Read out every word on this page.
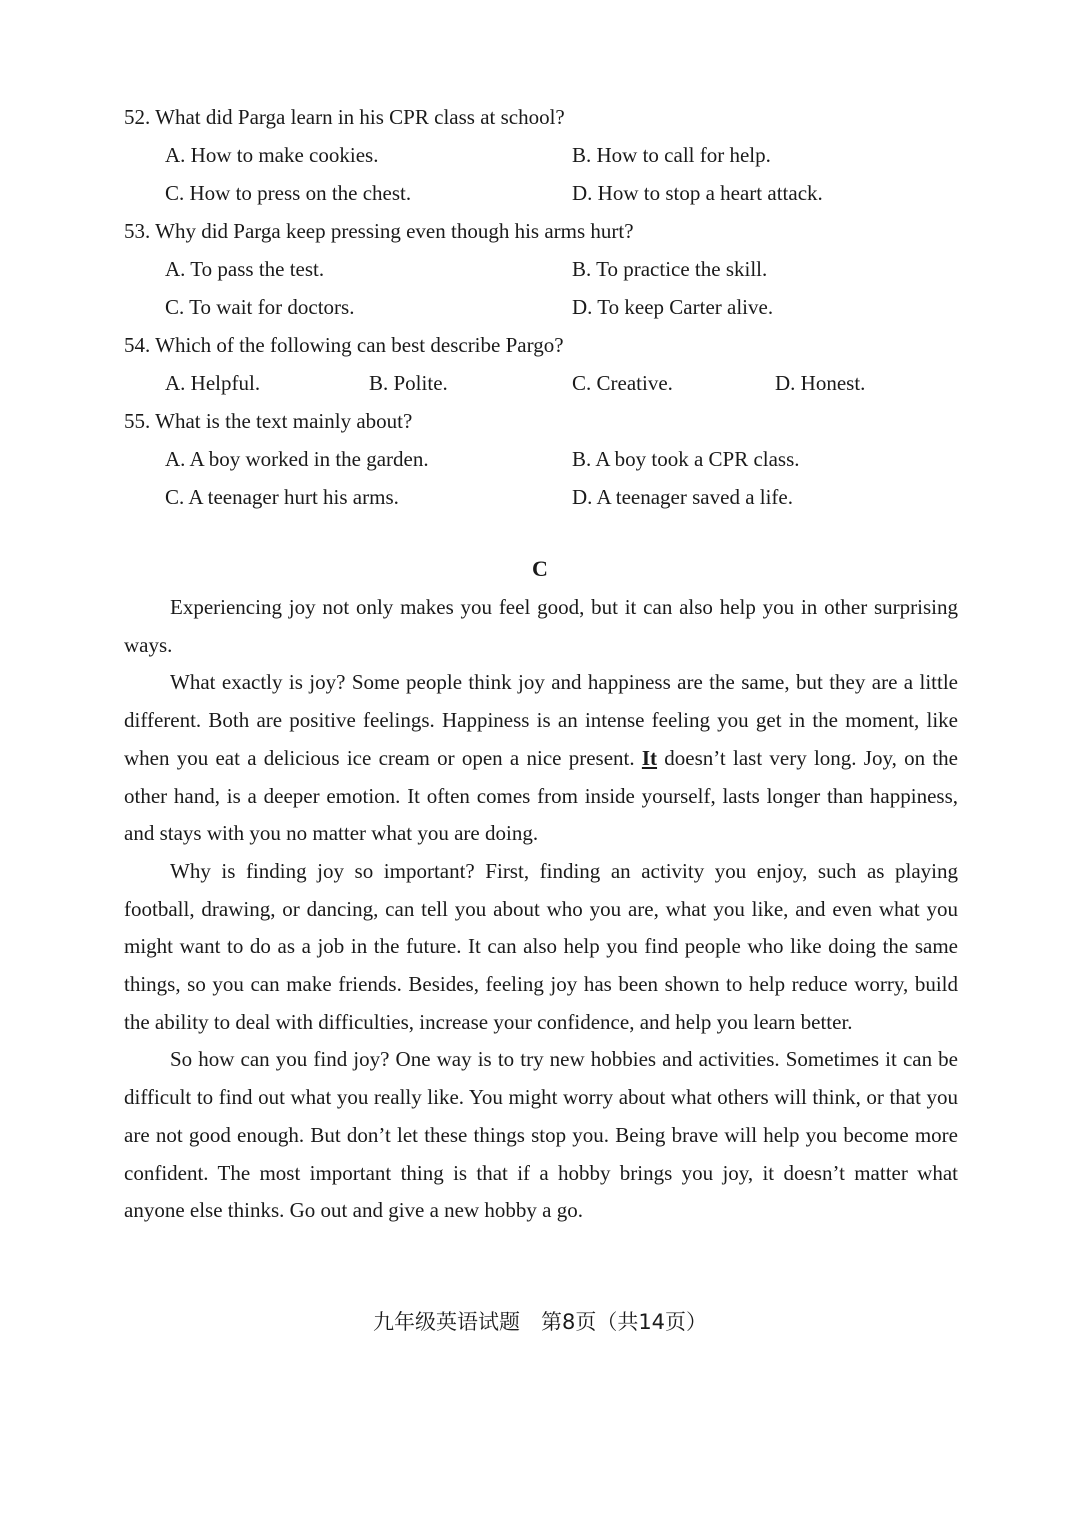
52. What did Parga learn in his CPR class at school?
A. How to make cookies.	B. How to call for help.
C. How to press on the chest.	D. How to stop a heart attack.
53. Why did Parga keep pressing even though his arms hurt?
A. To pass the test.	B. To practice the skill.
C. To wait for doctors.	D. To keep Carter alive.
54. Which of the following can best describe Pargo?
A. Helpful.	B. Polite.	C. Creative.	D. Honest.
55. What is the text mainly about?
A. A boy worked in the garden.	B. A boy took a CPR class.
C. A teenager hurt his arms.	D. A teenager saved a life.
C

Experiencing joy not only makes you feel good, but it can also help you in other surprising ways.

What exactly is joy? Some people think joy and happiness are the same, but they are a little different. Both are positive feelings. Happiness is an intense feeling you get in the moment, like when you eat a delicious ice cream or open a nice present. It doesn’t last very long. Joy, on the other hand, is a deeper emotion. It often comes from inside yourself, lasts longer than happiness, and stays with you no matter what you are doing.

Why is finding joy so important? First, finding an activity you enjoy, such as playing football, drawing, or dancing, can tell you about who you are, what you like, and even what you might want to do as a job in the future. It can also help you find people who like doing the same things, so you can make friends. Besides, feeling joy has been shown to help reduce worry, build the ability to deal with difficulties, increase your confidence, and help you learn better.

So how can you find joy? One way is to try new hobbies and activities. Sometimes it can be difficult to find out what you really like. You might worry about what others will think, or that you are not good enough. But don’t let these things stop you. Being brave will help you become more confident. The most important thing is that if a hobby brings you joy, it doesn’t matter what anyone else thinks. Go out and give a new hobby a go.

九年级英语试题　第8页（共14页）
